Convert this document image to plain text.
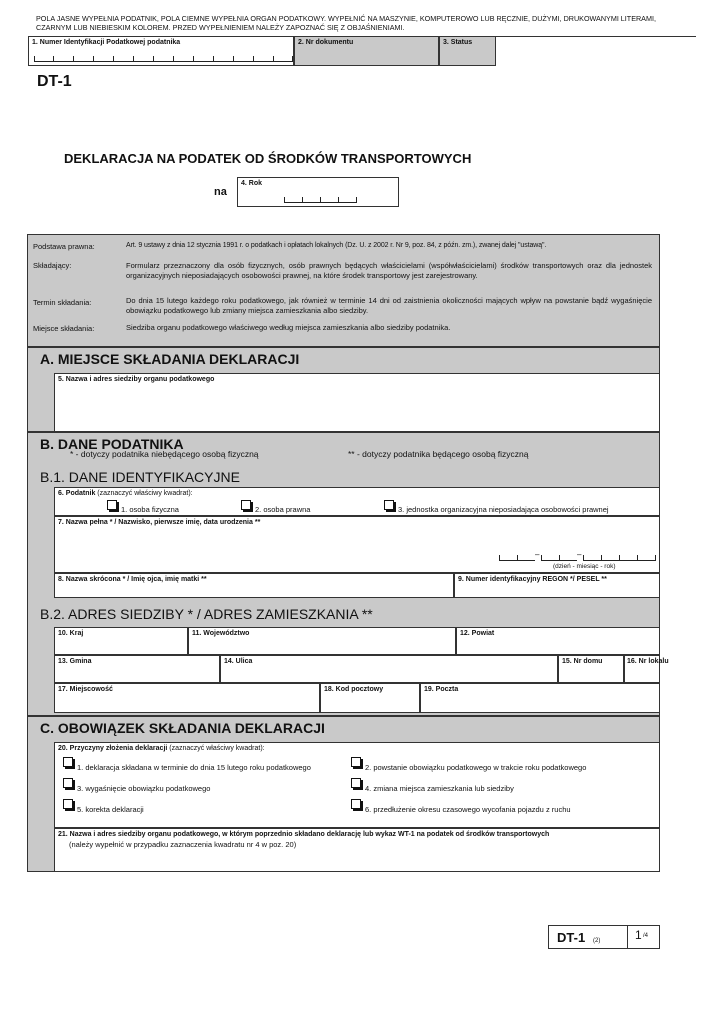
POLA JASNE WYPEŁNIA PODATNIK, POLA CIEMNE WYPEŁNIA ORGAN PODATKOWY. WYPEŁNIĆ NA MASZYNIE, KOMPUTEROWO LUB RĘCZNIE, DUŻYMI, DRUKOWANYMI LITERAMI,
CZARNYM LUB NIEBIESKIM KOLOREM. PRZED WYPEŁNIENIEM NALEŻY ZAPOZNAĆ SIĘ Z OBJAŚNIENIAMI.
1. Numer Identyfikacji Podatkowej podatnika	2. Nr dokumentu	3. Status
DT-1
DEKLARACJA NA PODATEK OD ŚRODKÓW TRANSPORTOWYCH
na
4. Rok
Podstawa prawna:	Art. 9 ustawy z dnia 12 stycznia 1991 r. o podatkach i opłatach lokalnych (Dz. U. z 2002 r. Nr 9, poz. 84, z późn. zm.), zwanej dalej "ustawą".
Składający:	Formularz przeznaczony dla osób fizycznych, osób prawnych będących właścicielami (współwłaścicielami) środków transportowych oraz dla jednostek organizacyjnych nieposiadających osobowości prawnej, na które środek transportowy jest zarejestrowany.
Termin składania:	Do dnia 15 lutego każdego roku podatkowego, jak również w terminie 14 dni od zaistnienia okoliczności mających wpływ na powstanie bądź wygaśnięcie obowiązku podatkowego lub zmiany miejsca zamieszkania albo siedziby.
Miejsce składania:	Siedziba organu podatkowego właściwego według miejsca zamieszkania albo siedziby podatnika.
A. MIEJSCE SKŁADANIA DEKLARACJI
5. Nazwa i adres siedziby organu podatkowego
B. DANE PODATNIKA
* - dotyczy podatnika niebędącego osobą fizyczną	** - dotyczy podatnika będącego osobą fizyczną
B.1. DANE IDENTYFIKACYJNE
6. Podatnik (zaznaczyć właściwy kwadrat):
1. osoba fizyczna	2. osoba prawna	3. jednostka organizacyjna nieposiadająca osobowości prawnej
7. Nazwa pełna * / Nazwisko, pierwsze imię, data urodzenia **
–	–
(dzień - miesiąc - rok)
8. Nazwa skrócona * / Imię ojca, imię matki **	9. Numer identyfikacyjny REGON */ PESEL **
B.2. ADRES SIEDZIBY * / ADRES ZAMIESZKANIA **
10. Kraj	11. Województwo	12. Powiat
13. Gmina	14. Ulica	15. Nr domu	16. Nr lokalu
17. Miejscowość	18. Kod pocztowy	19. Poczta
C. OBOWIĄZEK SKŁADANIA DEKLARACJI
20. Przyczyny złożenia deklaracji (zaznaczyć właściwy kwadrat):
1. deklaracja składana w terminie do dnia 15 lutego roku podatkowego	2. powstanie obowiązku podatkowego w trakcie roku podatkowego
3. wygaśnięcie obowiązku podatkowego	4. zmiana miejsca zamieszkania lub siedziby
5. korekta deklaracji	6. przedłużenie okresu czasowego wycofania pojazdu z ruchu
21. Nazwa i adres siedziby organu podatkowego, w którym poprzednio składano deklarację lub wykaz WT-1 na podatek od środków transportowych
(należy wypełnić w przypadku zaznaczenia kwadratu nr 4 w poz. 20)
DT-1 (2)	1 /4
